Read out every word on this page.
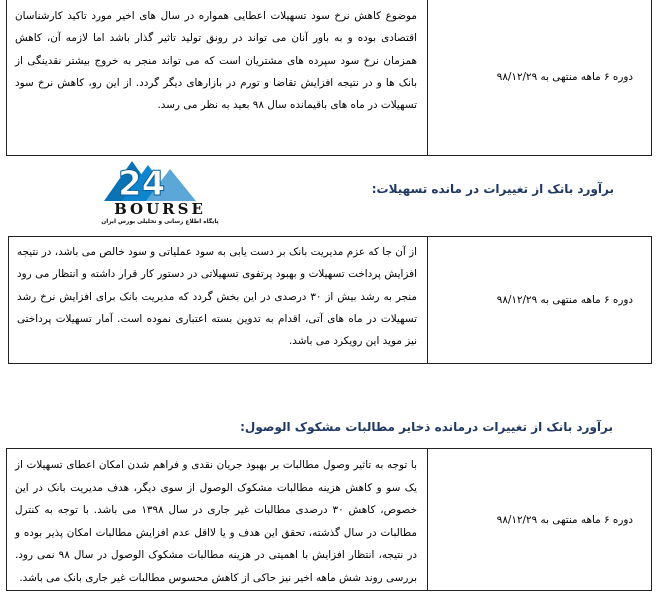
موضوع کاهش نرخ سود تسهیلات اعطایی همواره در سال های اخیر مورد تاکید کارشناسان اقتصادی بوده و به باور آنان می تواند در رونق تولید تاثیر گذار باشد اما لازمه آن، کاهش همزمان نرخ سود سپرده های مشتریان است که می تواند منجر به خروج بیشتر نقدینگی از بانک ها و در نتیجه افزایش تقاضا و تورم در بازارهای دیگر گردد. از این رو، کاهش نرخ سود تسهیلات در ماه های باقیمانده سال ۹۸ بعید به نظر می رسد.
دوره ۶ ماهه منتهی به ۹۸/۱۲/۲۹
24
BOURSE
پایگاه اطلاع رسانی و تحلیلی بورس ایران
برآورد بانک از تغییرات در مانده تسهیلات:
از آن جا که عزم مدیریت بانک بر دست یابی به سود عملیاتی و سود خالص می باشد، در نتیجه افزایش پرداخت تسهیلات و بهبود پرتفوی تسهیلاتی در دستور کار قرار داشته و انتظار می رود منجر به رشد بیش از ۳۰ درصدی در این بخش گردد که مدیریت بانک برای افزایش نرخ رشد تسهیلات در ماه های آتی، اقدام به تدوین بسته اعتباری نموده است. آمار تسهیلات پرداختی نیز موید این رویکرد می باشد.
دوره ۶ ماهه منتهی به ۹۸/۱۲/۲۹
برآورد بانک از تغییرات درمانده ذخایر مطالبات مشکوک الوصول:
با توجه به تاثیر وصول مطالبات بر بهبود جریان نقدی و فراهم شدن امکان اعطای تسهیلات از یک سو و کاهش هزینه مطالبات مشکوک الوصول از سوی دیگر، هدف مدیریت بانک در این خصوص، کاهش ۳۰ درصدی مطالبات غیر جاری در سال ۱۳۹۸ می باشد. با توجه به کنترل مطالبات در سال گذشته، تحقق این هدف و یا لااقل عدم افزایش مطالبات امکان پذیر بوده و در نتیجه، انتظار افزایش با اهمیتی در هزینه مطالبات مشکوک الوصول در سال ۹۸ نمی رود. بررسی روند شش ماهه اخیر نیز حاکی از کاهش محسوس مطالبات غیر جاری بانک می باشد.
دوره ۶ ماهه منتهی به ۹۸/۱۲/۲۹
